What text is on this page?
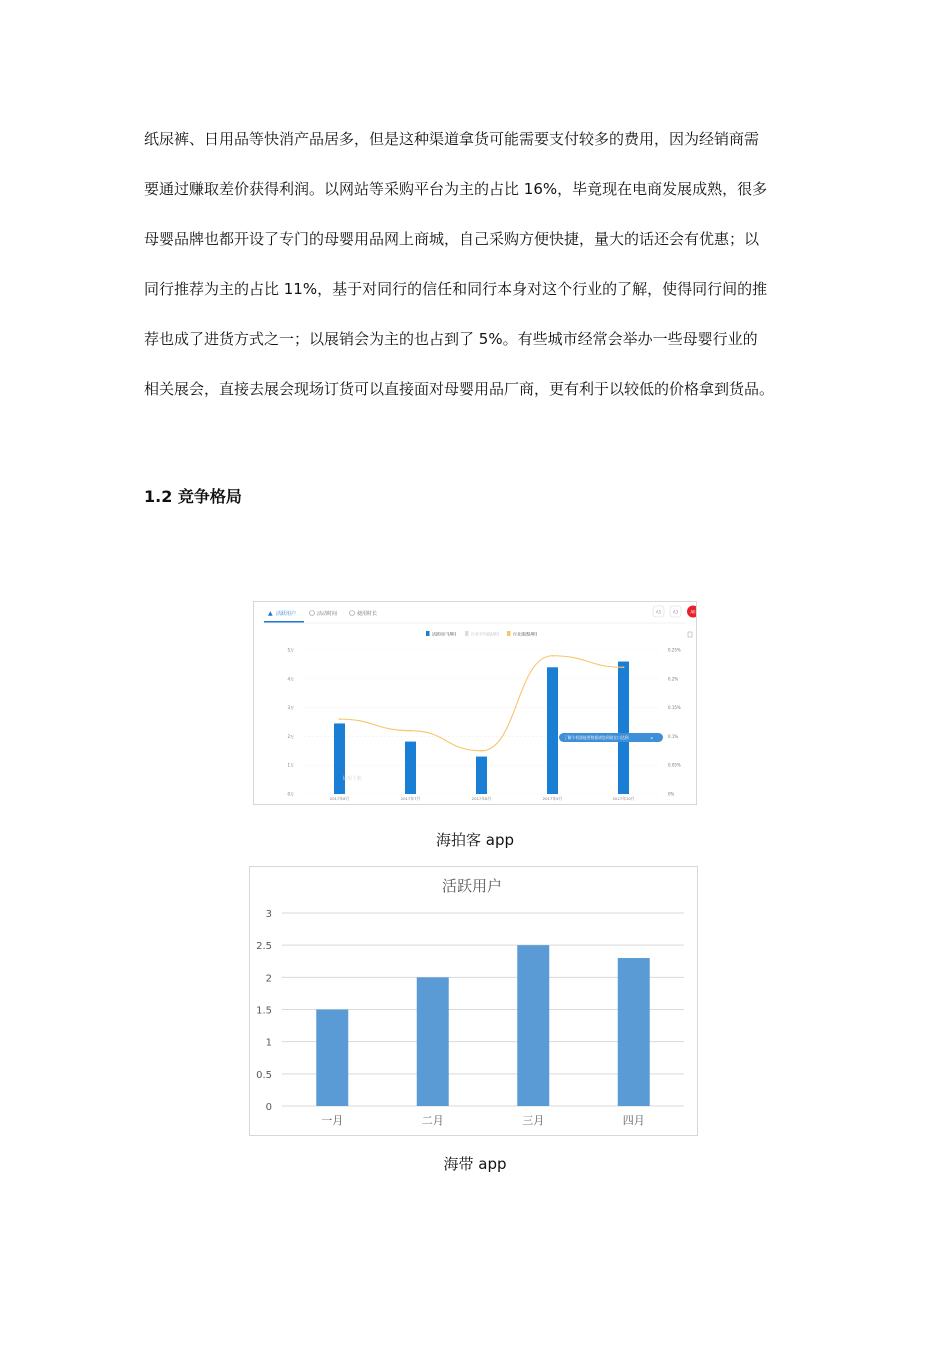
纸尿裤、日用品等快消产品居多，但是这种渠道拿货可能需要支付较多的费用，因为经销商需

要通过赚取差价获得利润。以网站等采购平台为主的占比 16%，毕竟现在电商发展成熟，很多

母婴品牌也都开设了专门的母婴用品网上商城，自己采购方便快捷，量大的话还会有优惠；以

同行推荐为主的占比 11%，基于对同行的信任和同行本身对这个行业的了解，使得同行间的推

荐也成了进货方式之一；以展销会为主的也占到了 5%。有些城市经常会举办一些母婴行业的

相关展会，直接去展会现场订货可以直接面对母婴用品厂商，更有利于以较低的价格拿到货品。

1.2 竞争格局
▲ 活跃用户	活动时间	使用时长	A5	A3	All
活跃用户(All)	行业平均值(All)	行业渗透(All)
5万
4万
3万
2万
1万
0万
0.25%
0.2%
0.15%
0.1%
0.05%
0%
2017年6月	2017年7月	2017年8月	2017年9月	2017年10月
易观千帆
了解个机器能要数据请您到就在口达到	×
海拍客 app
活跃用户
3
2.5
2
1.5
1
0.5
0
一月	二月	三月	四月
海带 app
